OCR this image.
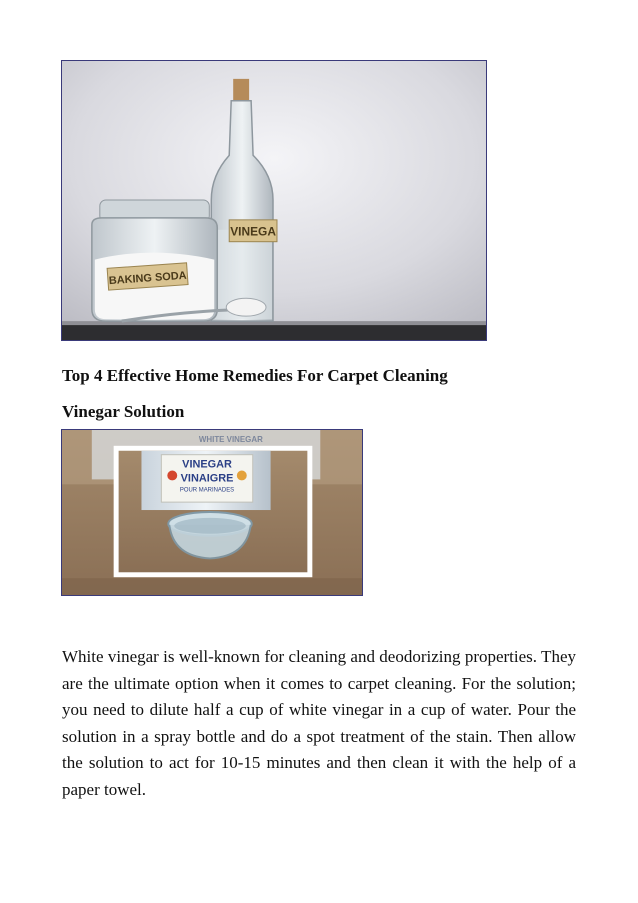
VINEGA
BAKING SODA
Top 4 Effective Home Remedies For Carpet Cleaning
Vinegar Solution
WHITE VINEGAR
VINEGAR
VINAIGRE
POUR MARINADES

White vinegar is well-known for cleaning and deodorizing properties. They are the ultimate option when it comes to carpet cleaning. For the solution; you need to dilute half a cup of white vinegar in a cup of water. Pour the solution in a spray bottle and do a spot treatment of the stain. Then allow the solution to act for 10-15 minutes and then clean it with the help of a paper towel.
